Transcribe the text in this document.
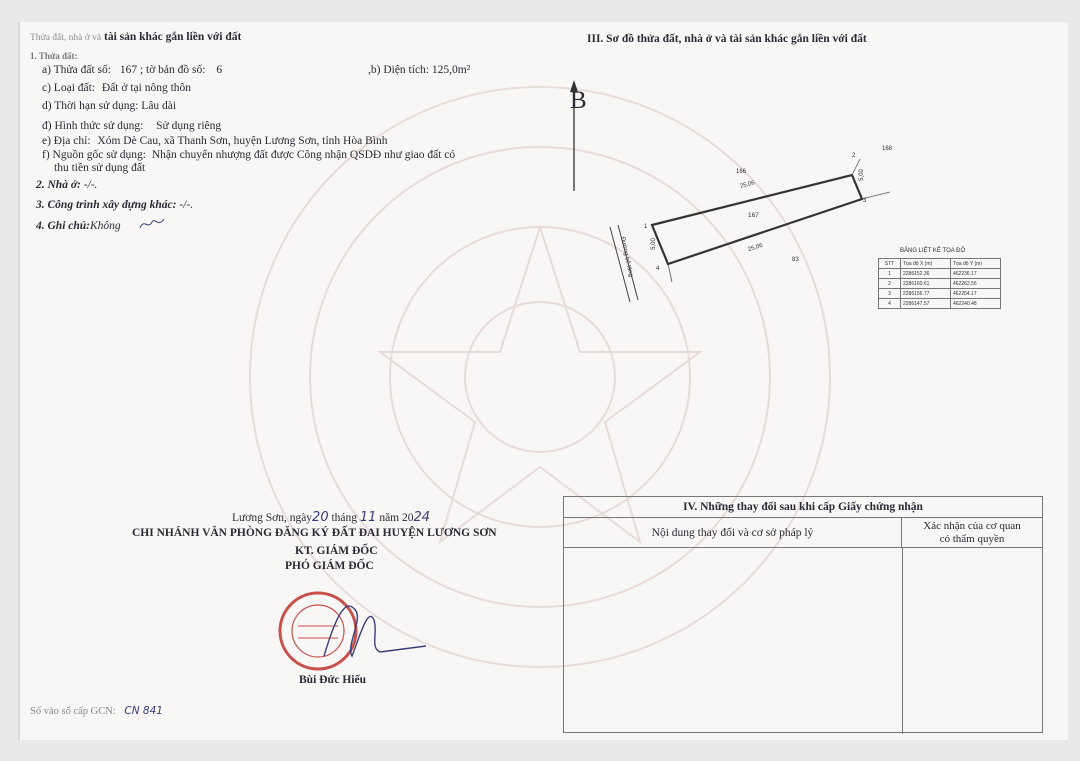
Thửa đất, nhà ở và tài sản khác gắn liền với đất
1. Thửa đất:
III. Sơ đồ thửa đất, nhà ở và tài sản khác gắn liền với đất
a) Thửa đất số: 167 ; tờ bản đồ số: 6	,b) Diện tích: 125,0m²
c) Loại đất: Đất ở tại nông thôn
d) Thời hạn sử dụng: Lâu dài
đ) Hình thức sử dụng: Sử dụng riêng
e) Địa chỉ: Xóm Dè Cau, xã Thanh Sơn, huyện Lương Sơn, tỉnh Hòa Bình
f) Nguồn gốc sử dụng: Nhận chuyển nhượng đất được Công nhận QSDĐ như giao đất có
thu tiền sử dụng đất
2. Nhà ở: -/-.
3. Công trình xây dựng khác: -/-.
4. Ghi chú:Không
B
166
168
83
167
25,06
25,06
5,00
5,00
Đường bê tông
1
2
3
4
BẢNG LIỆT KÊ TỌA ĐỘ
STT	Tọa độ X (m)	Tọa độ Y (m)
1	2286152.36	462236.17
2	2286160.61	462262.56
3	2286156.77	462264.17
4	2286147.57	462240.48
Lương Sơn, ngày20 tháng 11 năm 2024
CHI NHÁNH VĂN PHÒNG ĐĂNG KÝ ĐẤT ĐAI HUYỆN LƯƠNG SƠN
KT. GIÁM ĐỐC
PHÓ GIÁM ĐỐC
Bùi Đức Hiếu
Số vào sổ cấp GCN: CN 841
IV. Những thay đổi sau khi cấp Giấy chứng nhận
Nội dung thay đổi và cơ sở pháp lý
Xác nhận của cơ quan
có thẩm quyền
